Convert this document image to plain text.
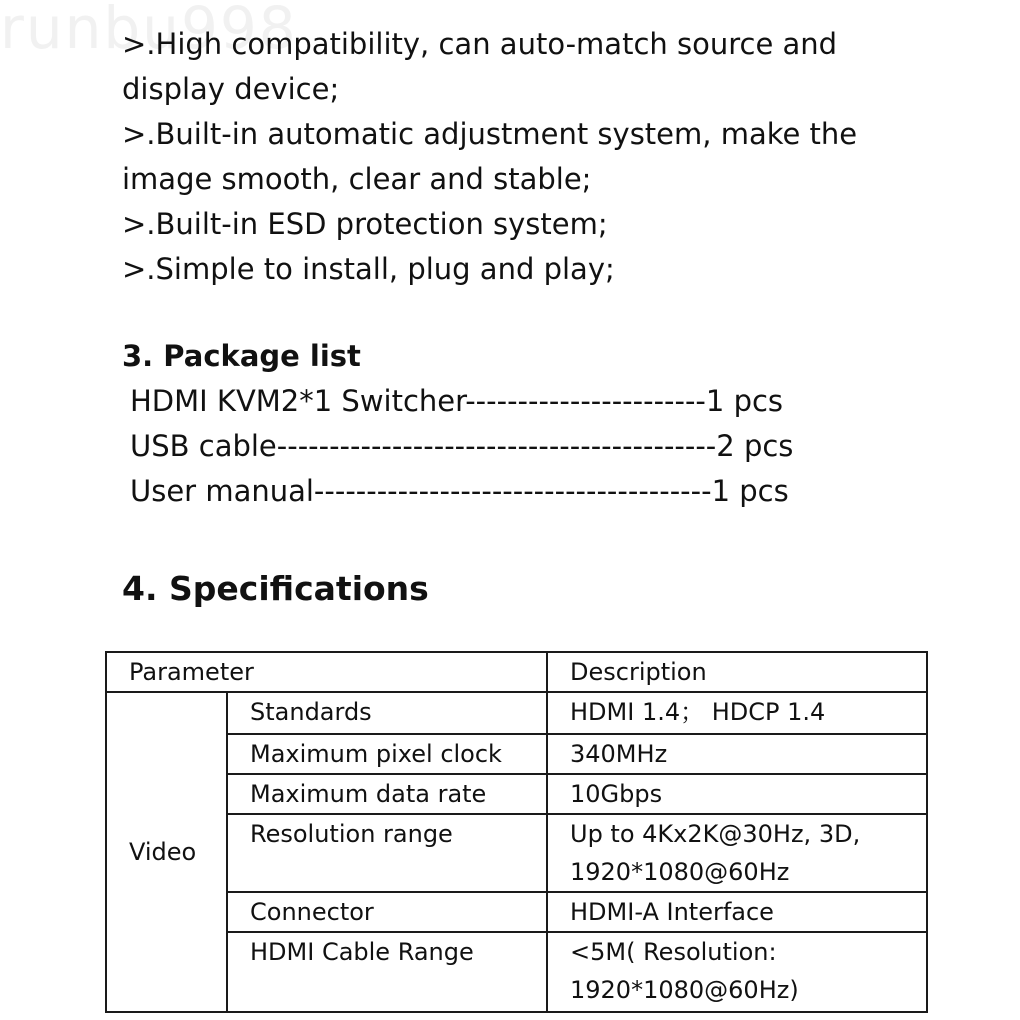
runbu998
>.High compatibility, can auto-match source and
display device;
>.Built-in automatic adjustment system, make the
image smooth, clear and stable;
>.Built-in ESD protection system;
>.Simple to install, plug and play;
3. Package list
HDMI KVM2*1 Switcher-----------------------1 pcs
USB cable------------------------------------------2 pcs
User manual--------------------------------------1 pcs
4. Specifications
Parameter		Description
Video	Standards	HDMI 1.4； HDCP 1.4

	Maximum pixel clock	340MHz

	Maximum data rate	10Gbps

	Resolution range	Up to 4Kx2K@30Hz, 3D,
1920*1080@60Hz

	Connector	HDMI-A Interface

	HDMI Cable Range	<5M( Resolution:
1920*1080@60Hz)
